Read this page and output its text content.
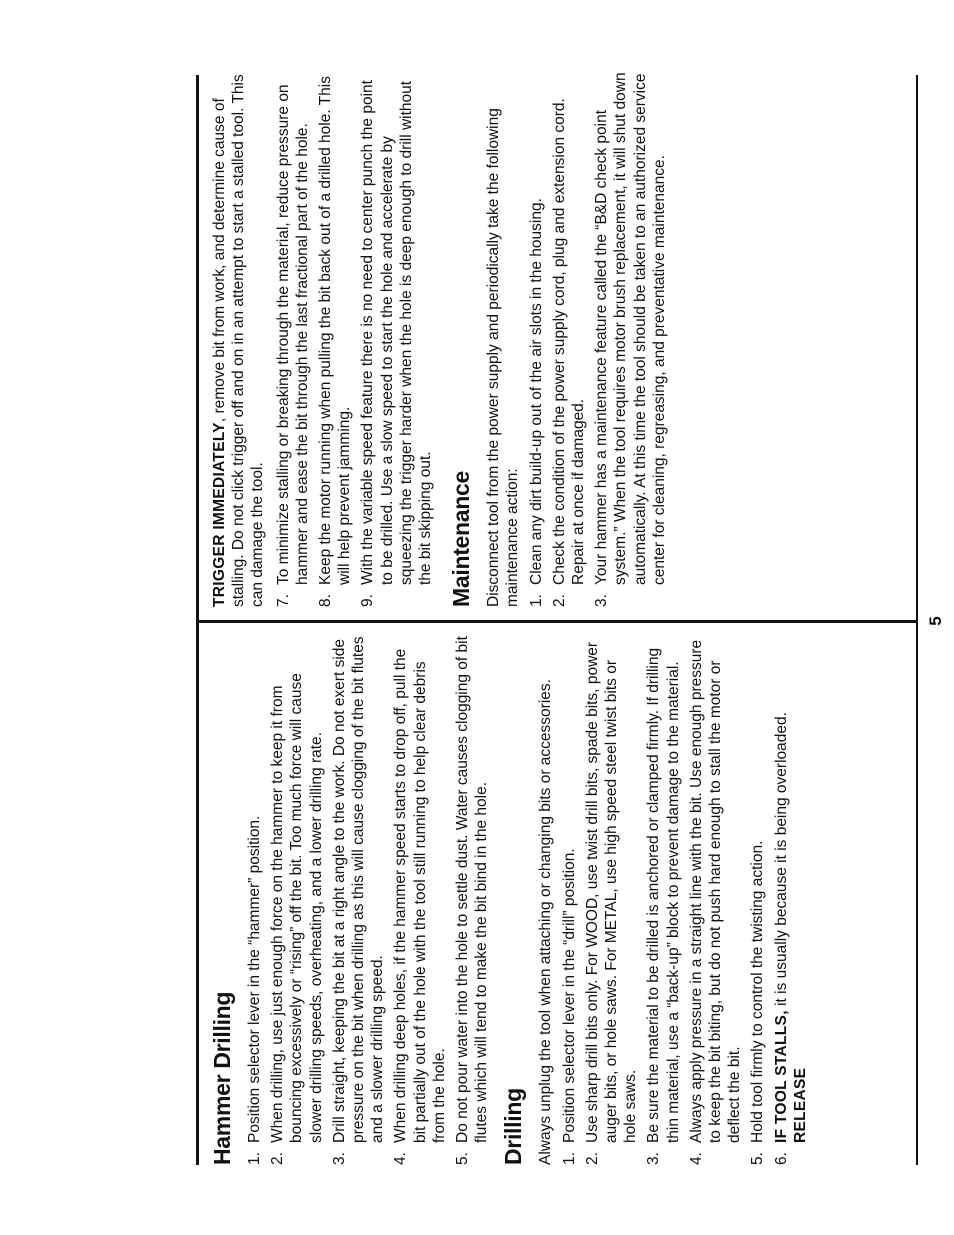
5
Hammer Drilling 1.
Position selector lever in the “hammer” position.
2.
When drilling, use just enough force on the hammer to keep it from bouncing excessively or “rising” off the bit. Too much force will cause slower drilling speeds, overheating, and a lower drilling rate.
3.
Drill straight, keeping the bit at a right angle to the work. Do not exert side pressure on the bit when drilling as this will cause clogging of the bit flutes and a slower drilling speed.
4.
When drilling deep holes, if the hammer speed starts to drop off, pull the bit partially out of the hole with the tool still running to help clear debris from the hole.
5.
Do not pour water into the hole to settle dust. Water causes clogging of bit flutes which will tend to make the bit bind in the hole. Drilling Always unplug the tool when attaching or changing bits or accessories. 1.
Position selector lever in the “drill” position.
2.
Use sharp drill bits only. For WOOD, use twist drill bits, spade bits, power auger bits, or hole saws. For METAL, use high speed steel twist bits or hole saws.
3.
Be sure the material to be drilled is anchored or clamped firmly. If drilling thin material, use a “back-up” block to prevent damage to the material.
4.
Always apply pressure in a straight line with the bit. Use enough pressure to keep the bit biting, but do not push hard enough to stall the motor or deflect the bit.
5.
Hold tool firmly to control the twisting action.
6.
IF TOOL STALLS, it is usually because it is being overloaded. RELEASE

TRIGGER IMMEDIATELY, remove bit from work, and determine cause of stalling. Do not click trigger off and on in an attempt to start a stalled tool. This can damage the tool. 7.
To minimize stalling or breaking through the material, reduce pressure on hammer and ease the bit through the last fractional part of the hole.
8.
Keep the motor running when pulling the bit back out of a drilled hole. This will help prevent jamming.
9.
With the variable speed feature there is no need to center punch the point to be drilled. Use a slow speed to start the hole and accelerate by squeezing the trigger harder when the hole is deep enough to drill without the bit skipping out. Maintenance Disconnect tool from the power supply and periodically take the following maintenance action: 1.
Clean any dirt build-up out of the air slots in the housing.
2.
Check the condition of the power supply cord, plug and extension cord. Repair at once if damaged.
3.
Your hammer has a maintenance feature called the “B&D check point system.” When the tool requires motor brush replacement, it will shut down automatically. At this time the tool should be taken to an authorized service center for cleaning, regreasing, and preventative maintenance.
